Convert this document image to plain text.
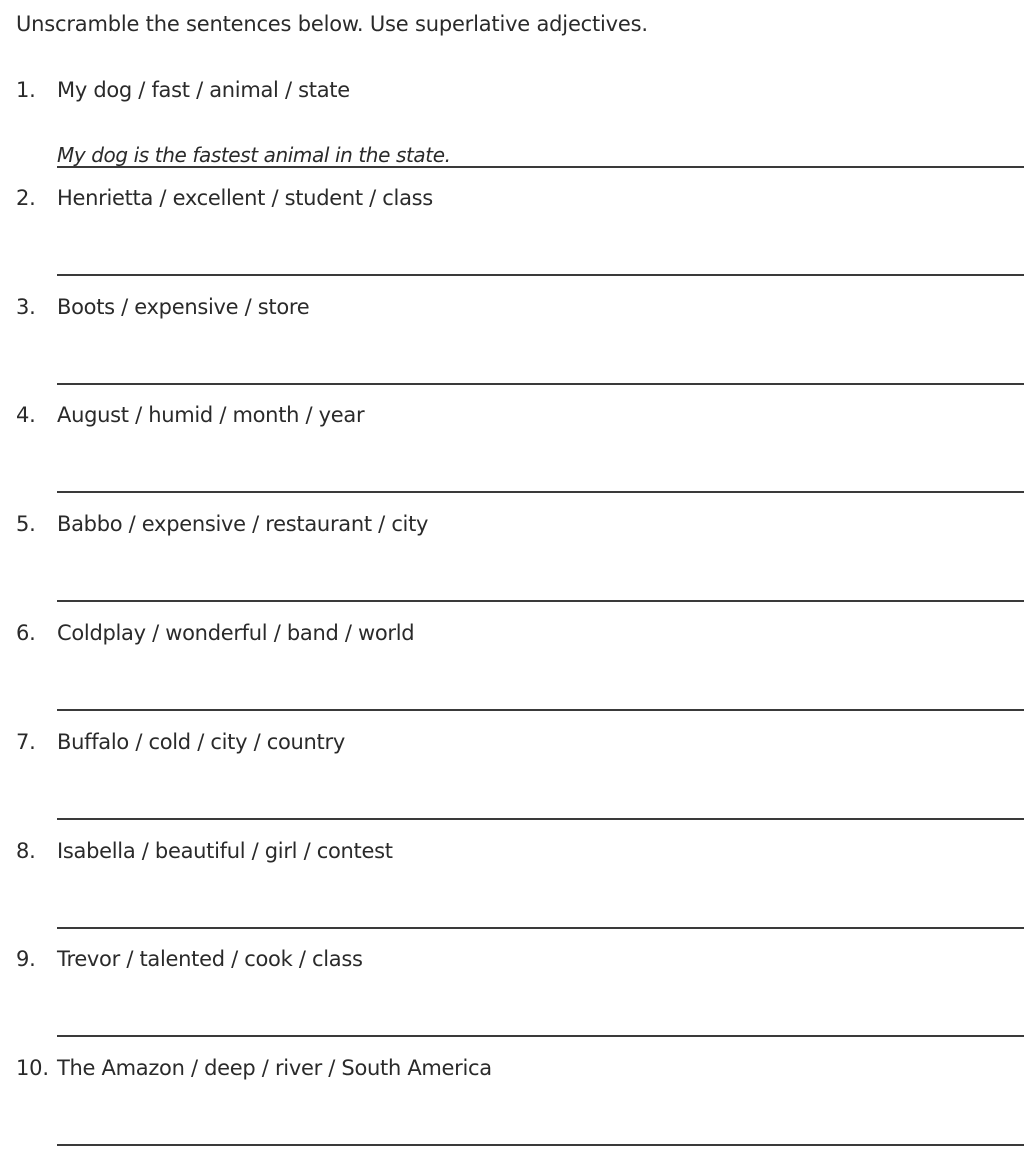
Unscramble the sentences below. Use superlative adjectives.
1. My dog / fast / animal / state
My dog is the fastest animal in the state.
2. Henrietta / excellent / student / class
3. Boots / expensive / store
4. August / humid / month / year
5. Babbo / expensive / restaurant / city
6. Coldplay / wonderful / band / world
7. Buffalo / cold / city / country
8. Isabella / beautiful / girl / contest
9. Trevor / talented / cook / class
10. The Amazon / deep / river / South America
